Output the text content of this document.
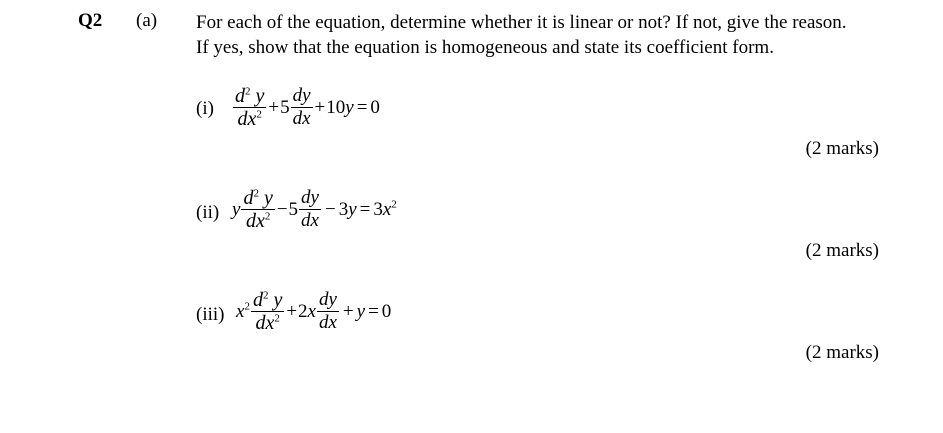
Q2 (a) For each of the equation, determine whether it is linear or not? If not, give the reason.
If yes, show that the equation is homogeneous and state its coefficient form.
$(i) \frac{d^2 y}{dx^2} + 5 \frac{dy}{dx} + 10y = 0$
(2 marks)
(ii) y $\frac{d^2 y}{dx^2} - 5 \frac{dy}{dx} - 3y = 3x^2$
(2 marks)
(iii) $x^2 \frac{d^2 y}{dx^2} + 2x \frac{dy}{dx} + y = 0$
(2 marks)
